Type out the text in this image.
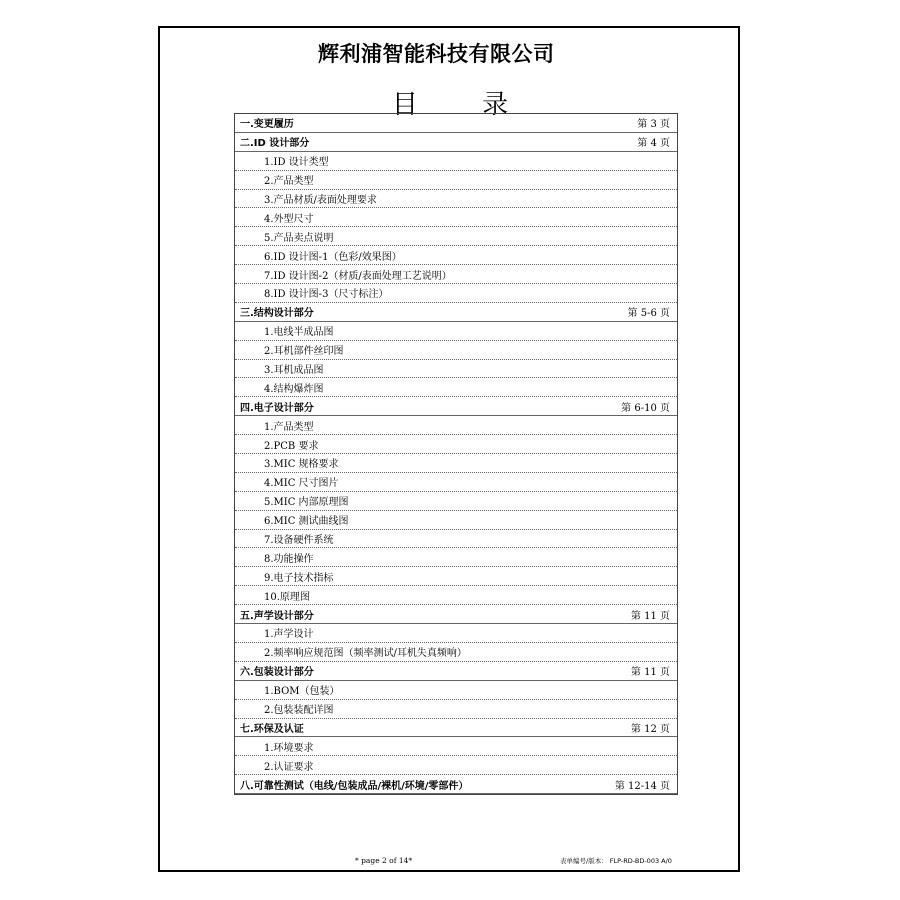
辉利浦智能科技有限公司
目 录
一.变更履历	第 3 页
二.ID 设计部分	第 4 页
1.ID 设计类型
2.产品类型
3.产品材质/表面处理要求
4.外型尺寸
5.产品卖点说明
6.ID 设计图-1（色彩/效果图）
7.ID 设计图-2（材质/表面处理工艺说明）
8.ID 设计图-3（尺寸标注）
三.结构设计部分	第 5-6 页
1.电线半成品图
2.耳机部件丝印图
3.耳机成品图
4.结构爆炸图
四.电子设计部分	第 6-10 页
1.产品类型
2.PCB 要求
3.MIC 规格要求
4.MIC 尺寸图片
5.MIC 内部原理图
6.MIC 测试曲线图
7.设备硬件系统
8.功能操作
9.电子技术指标
10.原理图
五.声学设计部分	第 11 页
1.声学设计
2.频率响应规范图（频率测试/耳机失真频响）
六.包装设计部分	第 11 页
1.BOM（包装）
2.包装装配详图
七.环保及认证	第 12 页
1.环境要求
2.认证要求
八.可靠性测试（电线/包装成品/裸机/环境/零部件）	第 12-14 页
* page 2 of 14*	表单编号/版本： FLP-RD-BD-003 A/0
